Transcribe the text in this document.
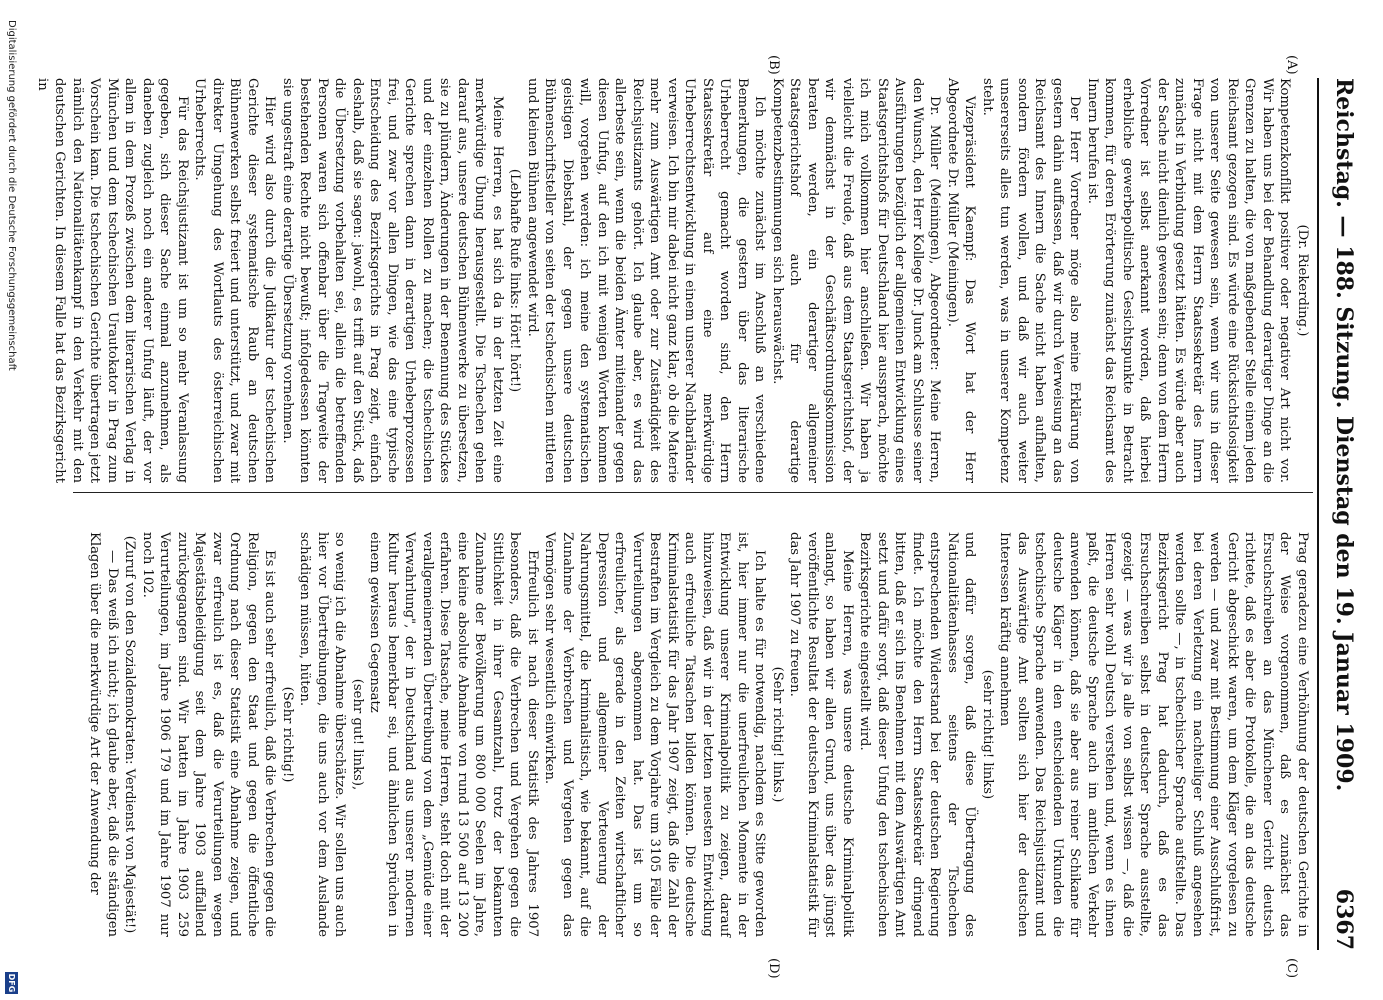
Reichstag. — 188. Sitzung. Dienstag den 19. Januar 1909.
6367
(A)
(B)
(C)
(D)

(Dr. Riekerding.)

Kompetenzkonflikt positiver oder negativer Art nicht vor. Wir haben uns bei der Behandlung derartiger Dinge an die Grenzen zu halten, die von maßgebender Stelle einem jeden Reichsamt gezogen sind. Es würde eine Rücksichtslosigkeit von unserer Seite gewesen sein, wenn wir uns in dieser Frage nicht mit dem Herrn Staatssekretär des Innern zunächst in Verbindung gesetzt hätten. Es würde aber auch der Sache nicht dienlich gewesen sein; denn von dem Herrn Vorredner ist selbst anerkannt worden, daß hierbei erhebliche gewerbepolitische Gesichtspunkte in Betracht kommen, für deren Erörterung zunächst das Reichsamt des Innern berufen ist.

Der Herr Vorredner möge also meine Erklärung von gestern dahin auffassen, daß wir durch Verweisung an das Reichsamt des Innern die Sache nicht haben aufhalten, sondern fördern wollen, und daß wir auch weiter unsererseits alles tun werden, was in unserer Kompetenz steht.

Vizepräsident Kaempf: Das Wort hat der Herr Abgeordnete Dr. Müller (Meiningen).

Dr. Müller (Meiningen), Abgeordneter: Meine Herren, den Wunsch, den Herr Kollege Dr. Junck am Schlusse seiner Ausführungen bezüglich der allgemeinen Entwicklung eines Staatsgerichtshofs für Deutschland hier aussprach, möchte ich mich vollkommen hier anschließen. Wir haben ja vielleicht die Freude, daß aus dem Staatsgerichtshof, der wir demnächst in der Geschäftsordnungskommission beraten werden, ein derartiger allgemeiner Staatsgerichtshof auch für derartige Kompetenzbestimmungen sich herauswächst.

Ich möchte zunächst im Anschluß an verschiedene Bemerkungen, die gestern über das literarische Urheberrecht gemacht worden sind, den Herrn Staatssekretär auf eine merkwürdige Urheberrechtsentwicklung in einem unserer Nachbarländer verweisen. Ich bin mir dabei nicht ganz klar, ob die Materie mehr zum Auswärtigen Amt oder zur Zuständigkeit des Reichsjustizamts gehört. Ich glaube aber, es wird das allerbeste sein, wenn die beiden Ämter miteinander gegen diesen Unfug, auf den ich mit wenigen Worten kommen will, vorgehen werden: ich meine den systematischen geistigen Diebstahl, der gegen unsere deutschen Bühnenschriftsteller von seiten der tschechischen mittleren und kleinen Bühnen angewendet wird.

(Lebhafte Rufe links: Hört! hört!)

Meine Herren, es hat sich da in der letzten Zeit eine merkwürdige Übung herausgestellt. Die Tschechen gehen darauf aus, unsere deutschen Bühnenwerke zu übersetzen, sie zu plündern, Änderungen in der Benennung des Stückes und der einzelnen Rollen zu machen; die tschechischen Gerichte sprechen dann in derartigen Urheberprozessen frei, und zwar vor allen Dingen, wie das eine typische Entscheidung des Bezirksgerichts in Prag zeigt, einfach deshalb, daß sie sagen: jawohl, es trifft auf den Stück, daß die Übersetzung vorbehalten sei, allein die betreffenden Personen waren sich offenbar über die Tragweite der bestehenden Rechte nicht bewußt; infolgedessen könnten sie ungestraft eine derartige Übersetzung vornehmen.

Hier wird also durch die Judikatur der tschechischen Gerichte dieser systematische Raub an deutschen Bühnenwerken selbst freiert und unterstützt, und zwar mit direkter Umgehung des Wortlauts des österreichischen Urheberrechts.

Für das Reichsjustizamt ist um so mehr Veranlassung gegeben, sich dieser Sache einmal anzunehmen, als daneben zugleich noch ein anderer Unfug läuft, der vor allem in dem Prozeß zwischen dem literarischen Verlag in München und dem tschechischen Urautokator in Prag zum Vorschein kam. Die tschechischen Gerichte übertragen jetzt nämlich den Nationalitätenkampf in den Verkehr mit den deutschen Gerichten. In diesem Falle hat das Bezirksgericht in

Prag geradezu eine Verhöhnung der deutschen Gerichte in der Weise vorgenommen, daß es zunächst das Ersuchschreiben an das Münchener Gericht deutsch richtete, daß es aber die Protokolle, die an das deutsche Gericht abgeschickt waren, um dem Kläger vorgelesen zu werden — und zwar mit Bestimmung einer Ausschlußfrist, bei deren Verletzung ein nachteiliger Schluß angesehen werden sollte —, in tschechischer Sprache aufstellte. Das Bezirksgericht Prag hat dadurch, daß es das Ersuchschreiben selbst in deutscher Sprache ausstellte, gezeigt — was wir ja alle von selbst wissen —, daß die Herren sehr wohl Deutsch verstehen und, wenn es ihnen paßt, die deutsche Sprache auch im amtlichen Verkehr anwenden können, daß sie aber aus reiner Schikane für deutsche Kläger in den entscheidenden Urkunden die tschechische Sprache anwenden. Das Reichsjustizamt und das Auswärtige Amt sollten sich hier der deutschen Interessen kräftig annehmen

(sehr richtig! links)

und dafür sorgen, daß diese Übertragung des Nationalitätenhasses seitens der Tschechen entsprechenden Widerstand bei der deutschen Regierung findet. Ich möchte den Herrn Staatssekretär dringend bitten, daß er sich ins Benehmen mit dem Auswärtigen Amt setzt und dafür sorgt, daß dieser Unfug den tschechischen Bezirksgerichte eingestellt wird.

Meine Herren, was unsere deutsche Kriminalpolitik anlangt, so haben wir allen Grund, uns über das jüngst veröffentlichte Resultat der deutschen Kriminalstatistik für das Jahr 1907 zu freuen.

(Sehr richtig! links.)

Ich halte es für notwendig, nachdem es Sitte geworden ist, hier immer nur die unerfreulichen Momente in der Entwicklung unserer Kriminalpolitik zu zeigen, darauf hinzuweisen, daß wir in der letzten neuesten Entwicklung auch erfreuliche Tatsachen bilden können. Die deutsche Kriminalstatistik für das Jahr 1907 zeigt, daß die Zahl der Bestraften im Vergleich zu dem Vorjahre um 3105 Fälle der Verurteilungen abgenommen hat. Das ist um so erfreulicher, als gerade in den Zeiten wirtschaftlicher Depression und allgemeiner Verteuerung der Nahrungsmittel, die kriminalistisch, wie bekannt, auf die Zunahme der Verbrechen und Vergehen gegen das Vermögen sehr wesentlich einwirken.

Erfreulich ist nach dieser Statistik des Jahres 1907 besonders, daß die Verbrechen und Vergehen gegen die Sittlichkeit in ihrer Gesamtzahl, trotz der bekannten Zunahme der Bevölkerung um 800 000 Seelen im Jahre, eine kleine absolute Abnahme von rund 13 500 auf 13 200 erfahren. Diese Tatsache, meine Herren, steht doch mit der verallgemeinernden Übertreibung von dem „Gemüde einer Verwahrlung", der in Deutschland aus unserer modernen Kultur heraus bemerkbar sei, und ähnlichen Sprüchen in einem gewissen Gegensatz

(sehr gut! links),

so wenig ich die Abnahme überschätze. Wir sollen uns auch hier vor Übertreibungen, die uns auch vor dem Auslande schädigen müssen, hüten.

(Sehr richtig!)

Es ist auch sehr erfreulich, daß die Verbrechen gegen die Religion, gegen den Staat und gegen die öffentliche Ordnung nach dieser Statistik eine Abnahme zeigen, und zwar erfreulich ist es, daß die Verurteilungen wegen Majestätsbeleidigung seit dem Jahre 1903 auffallend zurückgegangen sind. Wir hatten im Jahre 1903 259 Verurteilungen, im Jahre 1906 179 und im Jahre 1907 nur noch 102.

(Zuruf von den Sozialdemokraten: Verdienst von Majestät!)

— Das weiß ich nicht; ich glaube aber, daß die ständigen Klagen über die merkwürdige Art der Anwendung der

Digitalisierung gefördert durch die Deutsche Forschungsgemeinschaft
DFG
